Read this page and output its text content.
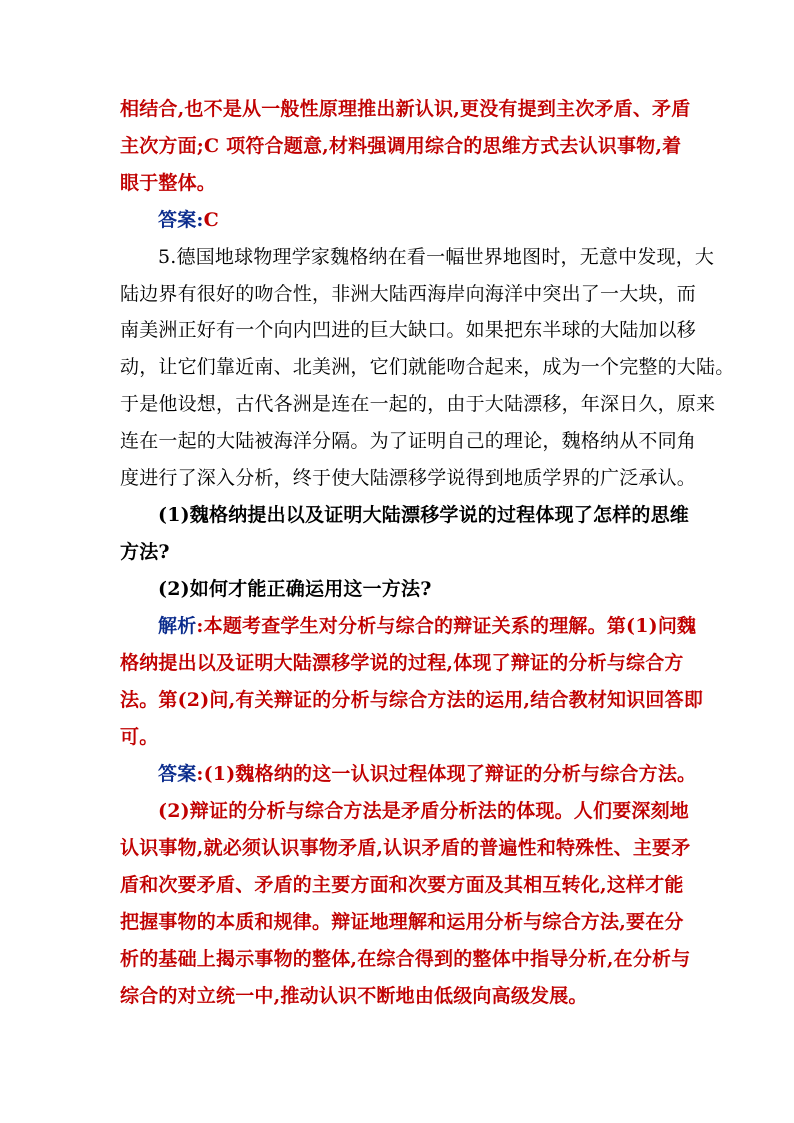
相结合,也不是从一般性原理推出新认识,更没有提到主次矛盾、矛盾
主次方面;C 项符合题意,材料强调用综合的思维方式去认识事物,着
眼于整体。
答案:C
5.德国地球物理学家魏格纳在看一幅世界地图时，无意中发现，大
陆边界有很好的吻合性，非洲大陆西海岸向海洋中突出了一大块，而
南美洲正好有一个向内凹进的巨大缺口。如果把东半球的大陆加以移
动，让它们靠近南、北美洲，它们就能吻合起来，成为一个完整的大陆。
于是他设想，古代各洲是连在一起的，由于大陆漂移，年深日久，原来
连在一起的大陆被海洋分隔。为了证明自己的理论，魏格纳从不同角
度进行了深入分析，终于使大陆漂移学说得到地质学界的广泛承认。
(1)魏格纳提出以及证明大陆漂移学说的过程体现了怎样的思维
方法?
(2)如何才能正确运用这一方法?
解析:本题考查学生对分析与综合的辩证关系的理解。第(1)问魏
格纳提出以及证明大陆漂移学说的过程,体现了辩证的分析与综合方
法。第(2)问,有关辩证的分析与综合方法的运用,结合教材知识回答即
可。
答案:(1)魏格纳的这一认识过程体现了辩证的分析与综合方法。
(2)辩证的分析与综合方法是矛盾分析法的体现。人们要深刻地
认识事物,就必须认识事物矛盾,认识矛盾的普遍性和特殊性、主要矛
盾和次要矛盾、矛盾的主要方面和次要方面及其相互转化,这样才能
把握事物的本质和规律。辩证地理解和运用分析与综合方法,要在分
析的基础上揭示事物的整体,在综合得到的整体中指导分析,在分析与
综合的对立统一中,推动认识不断地由低级向高级发展。
